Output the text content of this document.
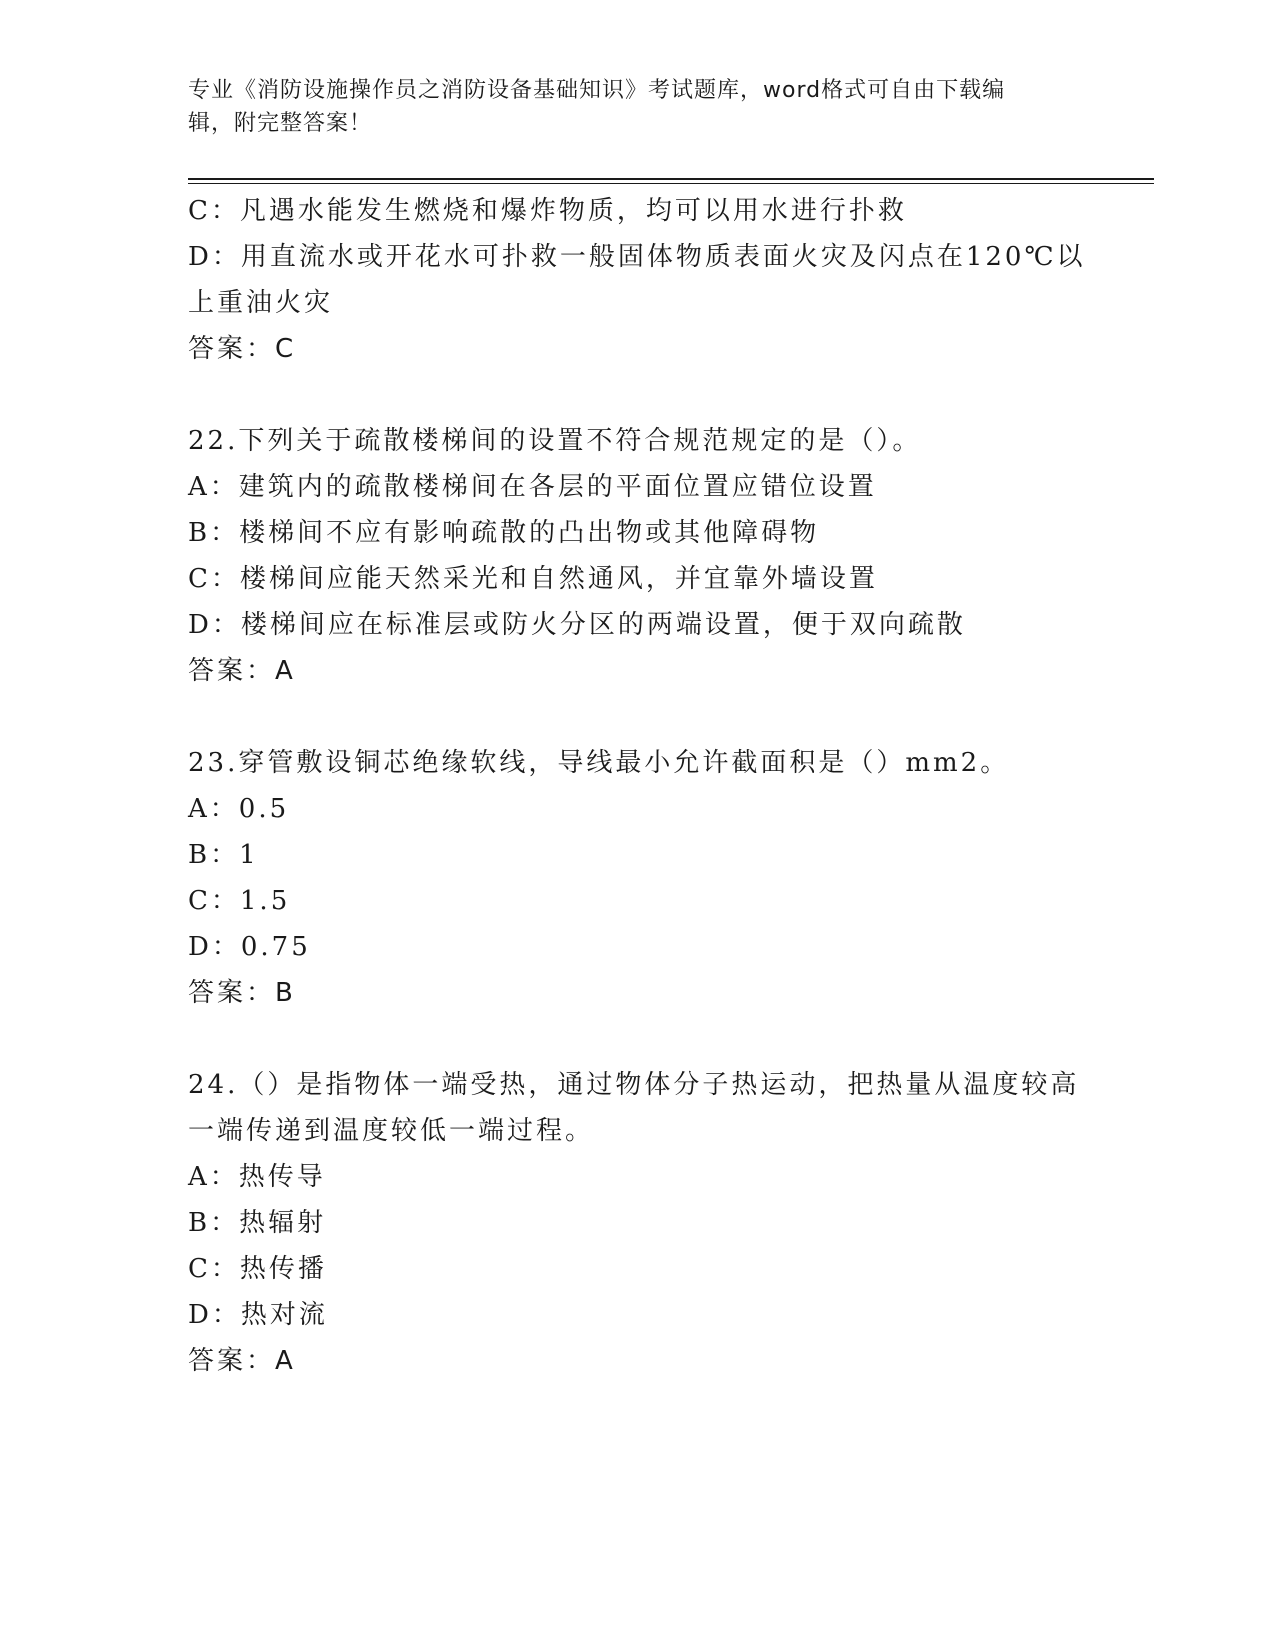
专业《消防设施操作员之消防设备基础知识》考试题库，word格式可自由下载编
辑，附完整答案！
C：凡遇水能发生燃烧和爆炸物质，均可以用水进行扑救
D：用直流水或开花水可扑救一般固体物质表面火灾及闪点在120℃以
上重油火灾
答案：C
22.下列关于疏散楼梯间的设置不符合规范规定的是（）。
A：建筑内的疏散楼梯间在各层的平面位置应错位设置
B：楼梯间不应有影响疏散的凸出物或其他障碍物
C：楼梯间应能天然采光和自然通风，并宜靠外墙设置
D：楼梯间应在标准层或防火分区的两端设置，便于双向疏散
答案：A
23.穿管敷设铜芯绝缘软线，导线最小允许截面积是（）mm2。
A：0.5
B：1
C：1.5
D：0.75
答案：B
24.（）是指物体一端受热，通过物体分子热运动，把热量从温度较高
一端传递到温度较低一端过程。
A：热传导
B：热辐射
C：热传播
D：热对流
答案：A
